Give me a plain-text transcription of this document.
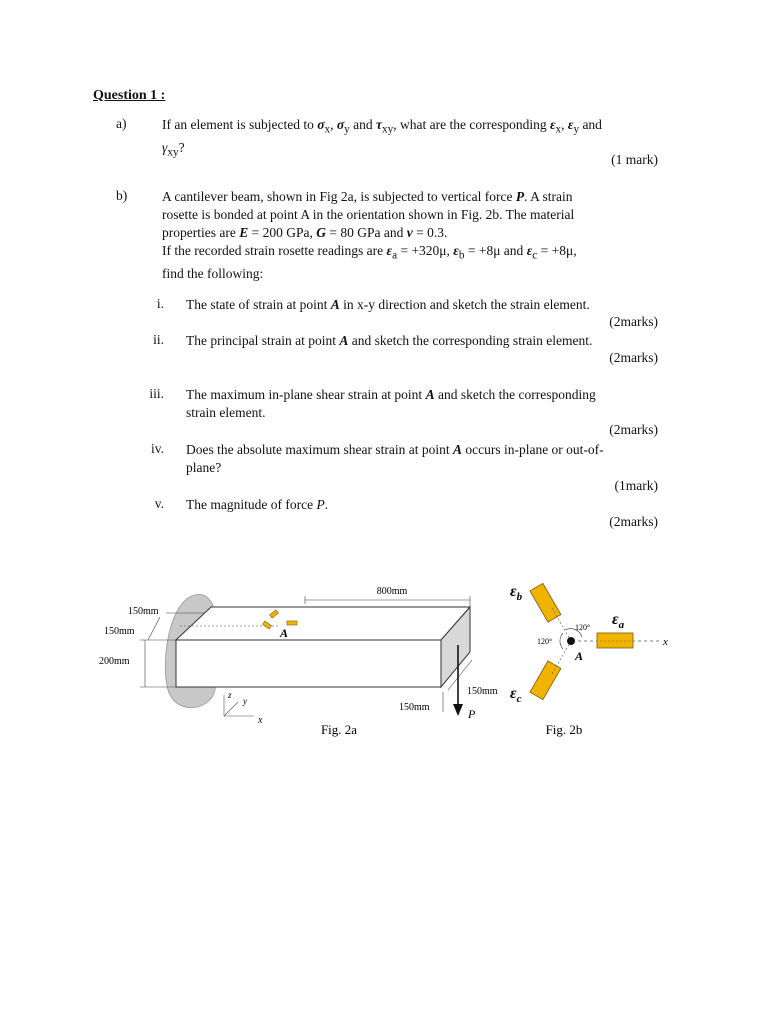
Question 1 :
a)	If an element is subjected to $\sigma_x$, $\sigma_y$ and $\tau_{xy}$, what are the corresponding $\varepsilon_x$, $\varepsilon_y$ and
$\gamma_{xy}$?
(1 mark)
b)	A cantilever beam, shown in Fig 2a, is subjected to vertical force P. A strain
rosette is bonded at point A in the orientation shown in Fig. 2b. The material
properties are E = 200 GPa, G = 80 GPa and ν = 0.3.
If the recorded strain rosette readings are $\varepsilon_a = +320\mu$, $\varepsilon_b = +8\mu$ and $\varepsilon_c = +8\mu$,
find the following:
i. The state of strain at point A in x-y direction and sketch the strain element.
(2marks)
ii. The principal strain at point A and sketch the corresponding strain element.
(2marks)
iii. The maximum in-plane shear strain at point A and sketch the corresponding
strain element.
(2marks)
iv. Does the absolute maximum shear strain at point A occurs in-plane or out-of-
plane?
(1mark)
v. The magnitude of force P.
(2marks)
800mm
150mm
150mm
200mm
150mm
150mm
A
P
z
y
x
Fig. 2a
$\varepsilon_b$
$\varepsilon_a$
$\varepsilon_c$
120°
120°
A
x
Fig. 2b
